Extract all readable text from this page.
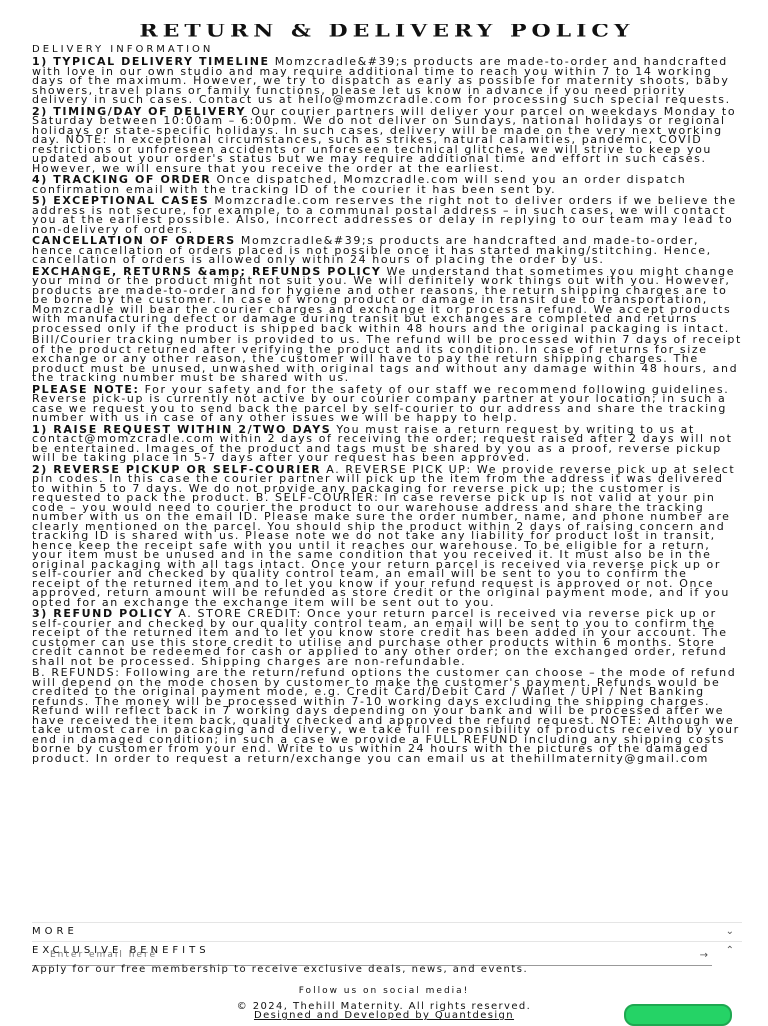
RETURN & DELIVERY POLICY
DELIVERY INFORMATION

1) TYPICAL DELIVERY TIMELINE Momzcradle&#39;s products are made-to-order and handcrafted with love in our own studio and may require additional time to reach you within 7 to 14 working days of the maximum. However, we try to dispatch as early as possible for maternity shoots, baby showers, travel plans or family functions, please let us know in advance if you need priority delivery in such cases. Contact us at hello@momzcradle.com for processing such special requests.

2) TIMING/DAY OF DELIVERY Our courier partners will deliver your parcel on weekdays Monday to Saturday between 10:00am – 6:00pm. We do not deliver on Sundays, national holidays or regional holidays or state-specific holidays. In such cases, delivery will be made on the very next working day. NOTE: In exceptional circumstances, such as strikes, natural calamities, pandemic, COVID restrictions or unforeseen accidents or unforeseen technical glitches, we will strive to keep you updated about your order's status but we may require additional time and effort in such cases. However, we will ensure that you receive the order at the earliest.

4) TRACKING OF ORDER Once dispatched, Momzcradle.com will send you an order dispatch confirmation email with the tracking ID of the courier it has been sent by.

5) EXCEPTIONAL CASES Momzcradle.com reserves the right not to deliver orders if we believe the address is not secure, for example, to a communal postal address – in such cases, we will contact you at the earliest possible. Also, incorrect addresses or delay in replying to our team may lead to non-delivery of orders.

CANCELLATION OF ORDERS Momzcradle&#39;s products are handcrafted and made-to-order, hence cancellation of orders placed is not possible once it has started making/stitching. Hence, cancellation of orders is allowed only within 24 hours of placing the order by us.

EXCHANGE, RETURNS &amp; REFUNDS POLICY We understand that sometimes you might change your mind or the product might not suit you. We will definitely work things out with you. However, products are made-to-order and for hygiene and other reasons, the return shipping charges are to be borne by the customer. In case of wrong product or damage in transit due to transportation, Momzcradle will bear the courier charges and exchange it or process a refund. We accept products with manufacturing defect or damage during transit but exchanges are completed and returns processed only if the product is shipped back within 48 hours and the original packaging is intact.

Bill/Courier tracking number is provided to us. The refund will be processed within 7 days of receipt of the product returned after verifying the product and its condition. In case of returns for size exchange or any other reason, the customer will have to pay the return shipping charges. The product must be unused, unwashed with original tags and without any damage within 48 hours, and the tracking number must be shared with us.

PLEASE NOTE: For your safety and for the safety of our staff we recommend following guidelines. Reverse pick-up is currently not active by our courier company partner at your location; in such a case we request you to send back the parcel by self-courier to our address and share the tracking number with us in case of any other issues we will be happy to help.

1) RAISE REQUEST WITHIN 2/TWO DAYS You must raise a return request by writing to us at contact@momzcradle.com within 2 days of receiving the order; request raised after 2 days will not be entertained. Images of the product and tags must be shared by you as a proof, reverse pickup will be taking place in 5-7 days after your request has been approved.

2) REVERSE PICKUP OR SELF-COURIER A. REVERSE PICK UP: We provide reverse pick up at select pin codes. In this case the courier partner will pick up the item from the address it was delivered to within 5 to 7 days. We do not provide any packaging for reverse pick up; the customer is requested to pack the product. B. SELF-COURIER: In case reverse pick up is not valid at your pin code – you would need to courier the product to our warehouse address and share the tracking number with us on the email ID. Please make sure the order number, name, and phone number are clearly mentioned on the parcel. You should ship the product within 2 days of raising concern and tracking ID is shared with us. Please note we do not take any liability for product lost in transit, hence keep the receipt safe with you until it reaches our warehouse. To be eligible for a return, your item must be unused and in the same condition that you received it. It must also be in the original packaging with all tags intact. Once your return parcel is received via reverse pick up or self-courier and checked by quality control team, an email will be sent to you to confirm the receipt of the returned item and to let you know if your refund request is approved or not. Once approved, return amount will be refunded as store credit or the original payment mode, and if you opted for an exchange the exchange item will be sent out to you.

3) REFUND POLICY A. STORE CREDIT: Once your return parcel is received via reverse pick up or self-courier and checked by our quality control team, an email will be sent to you to confirm the receipt of the returned item and to let you know store credit has been added in your account. The customer can use this store credit to utilise and purchase other products within 6 months. Store credit cannot be redeemed for cash or applied to any other order; on the exchanged order, refund shall not be processed. Shipping charges are non-refundable.

B. REFUNDS: Following are the return/refund options the customer can choose – the mode of refund will depend on the mode chosen by customer to make the customer's payment. Refunds would be credited to the original payment mode, e.g. Credit Card/Debit Card / Wallet / UPI / Net Banking refunds. The money will be processed within 7-10 working days excluding the shipping charges. Refund will reflect back in 7 working days depending on your bank and will be processed after we have received the item back, quality checked and approved the refund request. NOTE: Although we take utmost care in packaging and delivery, we take full responsibility of products received by your end in damaged condition; in such a case we provide a FULL REFUND including any shipping costs borne by customer from your end. Write to us within 24 hours with the pictures of the damaged product. In order to request a return/exchange you can email us at thehillmaternity@gmail.com

MORE	⌄
EXCLUSIVE BENEFITS	⌃
Enter email here
→
Apply for our free membership to receive exclusive deals, news, and events.
Follow us on social media!
© 2024, Thehill Maternity. All rights reserved.
Designed and Developed by Quantdesign
